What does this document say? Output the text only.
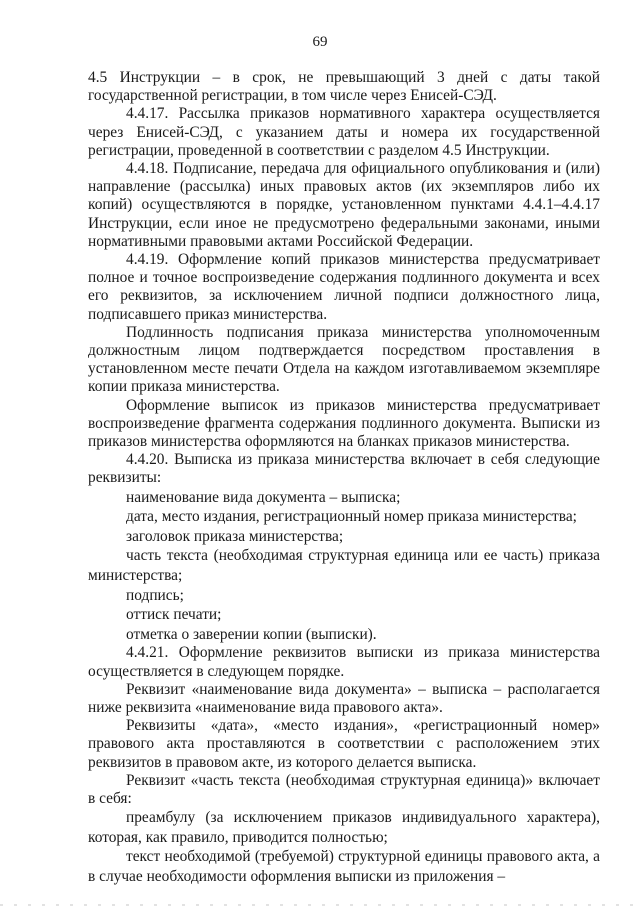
69

4.5 Инструкции – в срок, не превышающий 3 дней с даты такой государственной регистрации, в том числе через Енисей-СЭД.

4.4.17. Рассылка приказов нормативного характера осуществляется через Енисей-СЭД, с указанием даты и номера их государственной регистрации, проведенной в соответствии с разделом 4.5 Инструкции.

4.4.18. Подписание, передача для официального опубликования и (или) направление (рассылка) иных правовых актов (их экземпляров либо их копий) осуществляются в порядке, установленном пунктами 4.4.1–4.4.17 Инструкции, если иное не предусмотрено федеральными законами, иными нормативными правовыми актами Российской Федерации.

4.4.19. Оформление копий приказов министерства предусматривает полное и точное воспроизведение содержания подлинного документа и всех его реквизитов, за исключением личной подписи должностного лица, подписавшего приказ министерства.

Подлинность подписания приказа министерства уполномоченным должностным лицом подтверждается посредством проставления в установленном месте печати Отдела на каждом изготавливаемом экземпляре копии приказа министерства.

Оформление выписок из приказов министерства предусматривает воспроизведение фрагмента содержания подлинного документа. Выписки из приказов министерства оформляются на бланках приказов министерства.

4.4.20. Выписка из приказа министерства включает в себя следующие реквизиты:

наименование вида документа – выписка;

дата, место издания, регистрационный номер приказа министерства;

заголовок приказа министерства;

часть текста (необходимая структурная единица или ее часть) приказа министерства;

подпись;

оттиск печати;

отметка о заверении копии (выписки).

4.4.21. Оформление реквизитов выписки из приказа министерства осуществляется в следующем порядке.

Реквизит «наименование вида документа» – выписка – располагается ниже реквизита «наименование вида правового акта».

Реквизиты «дата», «место издания», «регистрационный номер» правового акта проставляются в соответствии с расположением этих реквизитов в правовом акте, из которого делается выписка.

Реквизит «часть текста (необходимая структурная единица)» включает в себя:

преамбулу (за исключением приказов индивидуального характера), которая, как правило, приводится полностью;

текст необходимой (требуемой) структурной единицы правового акта, а в случае необходимости оформления выписки из приложения –
